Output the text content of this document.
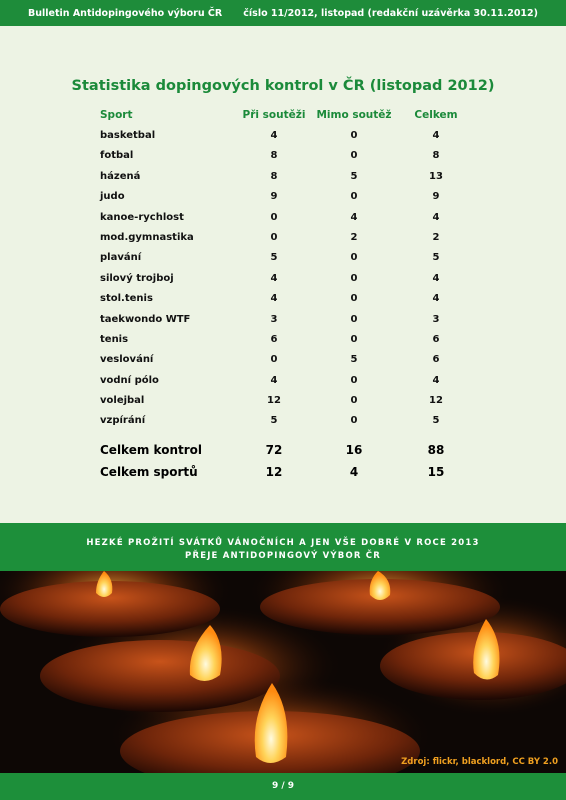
Bulletin Antidopingového výboru ČR číslo 11/2012, listopad (redakční uzávěrka 30.11.2012)
Statistika dopingových kontrol v ČR (listopad 2012)
Sport	Při soutěži	Mimo soutěž	Celkem
basketbal	4	0	4
fotbal	8	0	8
házená	8	5	13
judo	9	0	9
kanoe-rychlost	0	4	4
mod.gymnastika	0	2	2
plavání	5	0	5
silový trojboj	4	0	4
stol.tenis	4	0	4
taekwondo WTF	3	0	3
tenis	6	0	6
veslování	0	5	6
vodní pólo	4	0	4
volejbal	12	0	12
vzpírání	5	0	5
Celkem kontrol	72	16	88
Celkem sportů	12	4	15
HEZKÉ PROŽITÍ SVÁTKŮ VÁNOČNÍCH A JEN VŠE DOBRÉ V ROCE 2013
PŘEJE ANTIDOPINGOVÝ VÝBOR ČR
Zdroj: flickr, blacklord, CC BY 2.0
9 / 9
